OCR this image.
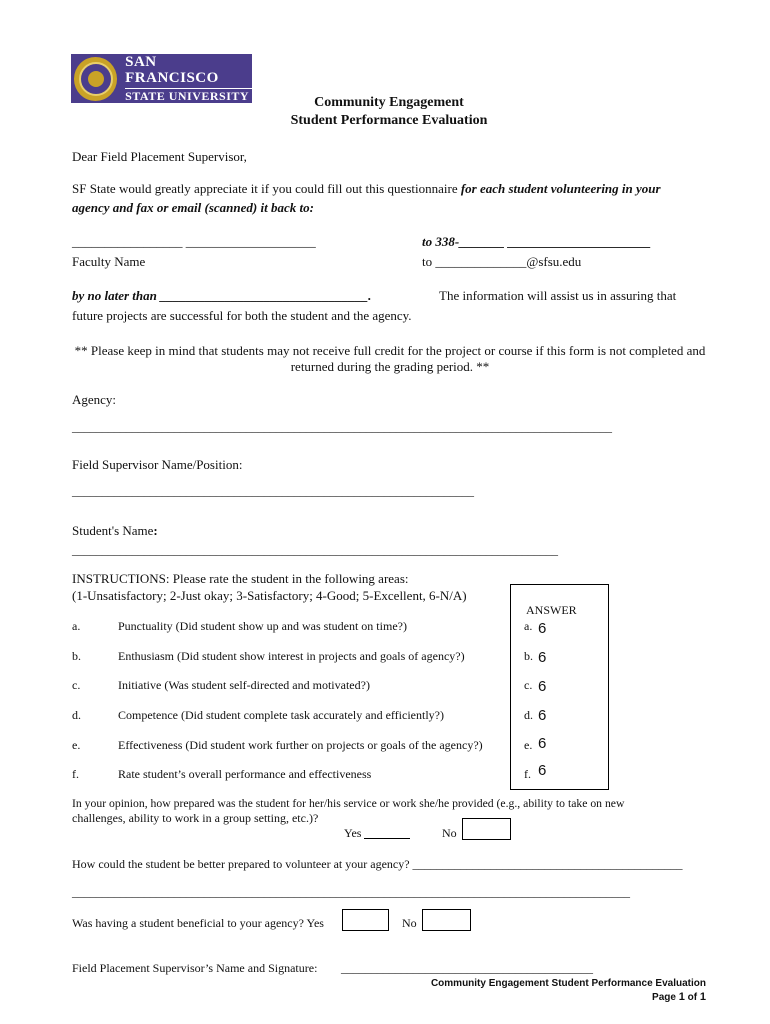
SAN FRANCISCO
STATE UNIVERSITY	Community Engagement
Student Performance Evaluation
Dear Field Placement Supervisor,
SF State would greatly appreciate it if you could fill out this questionnaire for each student volunteering in your
agency and fax or email (scanned) it back to:
_________________ ____________________
Faculty Name
to 338-_______ ______________________
to ______________@sfsu.edu
by no later than ________________________________.	The information will assist us in assuring that
future projects are successful for both the student and the agency.
** Please keep in mind that students may not receive full credit for the project or course if this form is not completed and returned during the grading period. **
Agency:
__________________________________________________________________________________________
Field Supervisor Name/Position:
___________________________________________________________________
Student's Name:
_________________________________________________________________________________
INSTRUCTIONS: Please rate the student in the following areas:
(1-Unsatisfactory; 2-Just okay; 3-Satisfactory; 4-Good; 5-Excellent, 6-N/A)
ANSWER
a.	Punctuality (Did student show up and was student on time?)	a. 6
b.	Enthusiasm (Did student show interest in projects and goals of agency?)	b. 6
c.	Initiative (Was student self-directed and motivated?)	c. 6
d.	Competence (Did student complete task accurately and efficiently?)	d. 6
e.	Effectiveness (Did student work further on projects or goals of the agency?)	e. 6
f.	Rate student’s overall performance and effectiveness	f. 6
In your opinion, how prepared was the student for her/his service or work she/he provided (e.g., ability to take on new
challenges, ability to work in a group setting, etc.)?
Yes	No
How could the student be better prepared to volunteer at your agency? _____________________________________________
_____________________________________________________________________________________________
Was having a student beneficial to your agency? Yes	No
Field Placement Supervisor’s Name and Signature: __________________________________________
Community Engagement Student Performance Evaluation
Page 1 of 1
